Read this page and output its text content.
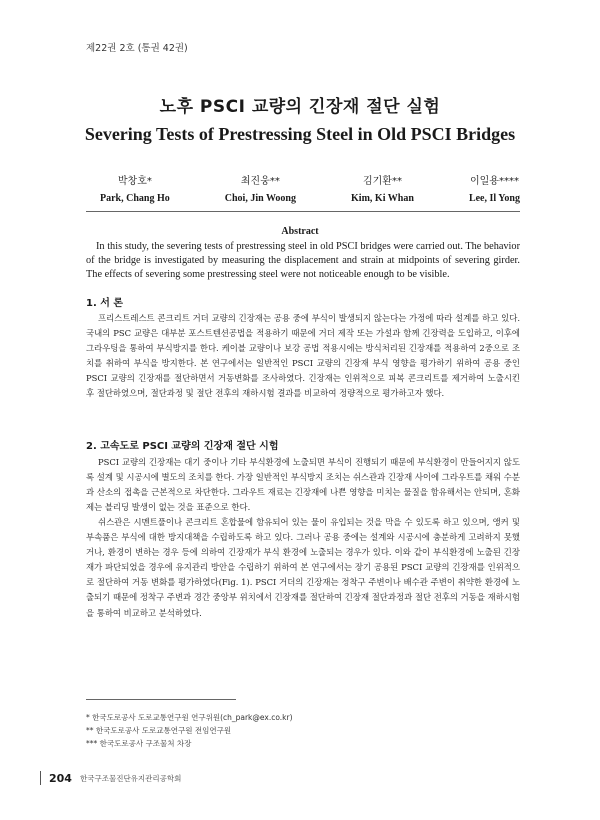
제22권 2호 (통권 42권)
노후 PSCI 교량의 긴장재 절단 실험
Severing Tests of Prestressing Steel in Old PSCI Bridges
박창호*
Park, Chang Ho
최진웅**
Choi, Jin Woong
김기환**
Kim, Ki Whan
이일용****
Lee, Il Yong
Abstract
In this study, the severing tests of prestressing steel in old PSCI bridges were carried out. The behavior of the bridge is investigated by measuring the displacement and strain at midpoints of severing girder. The effects of severing some prestressing steel were not noticeable enough to be visible.
1. 서 론
프리스트레스트 콘크리트 거더 교량의 긴장재는 공용 중에 부식이 발생되지 않는다는 가정에 따라 설계를 하고 있다. 국내의 PSC 교량은 대부분 포스트텐션공법을 적용하기 때문에 거더 제작 또는 가설과 함께 긴장력을 도입하고, 이후에 그라우팅을 통하여 부식방지를 한다. 케이블 교량이나 보강 공법 적용시에는 방식처리된 긴장재를 적용하여 2중으로 조치를 취하여 부식을 방지한다. 본 연구에서는 일반적인 PSCI 교량의 긴장재 부식 영향을 평가하기 위하여 공용 중인 PSCI 교량의 긴장재를 절단하면서 거동변화를 조사하였다. 긴장재는 인위적으로 피복 콘크리트를 제거하여 노출시킨 후 절단하였으며, 절단과정 및 절단 전후의 재하시험 결과를 비교하여 정량적으로 평가하고자 했다.
2. 고속도로 PSCI 교량의 긴장재 절단 시험
PSCI 교량의 긴장재는 대기 중이나 기타 부식환경에 노출되면 부식이 진행되기 때문에 부식환경이 만들어지지 않도록 설계 및 시공시에 별도의 조치를 한다. 가장 일반적인 부식방지 조치는 쉬스관과 긴장재 사이에 그라우트를 채워 수분과 산소의 접촉을 근본적으로 차단한다. 그라우트 재료는 긴장재에 나쁜 영향을 미치는 물질을 함유해서는 안되며, 혼화제는 블리딩 발생이 없는 것을 표준으로 한다.
쉬스관은 시멘트풀이나 콘크리트 혼합물에 함유되어 있는 물이 유입되는 것을 막을 수 있도록 하고 있으며, 앵커 및 부속품은 부식에 대한 방지대책을 수립하도록 하고 있다. 그러나 공용 중에는 설계와 시공시에 충분하게 고려하지 못했거나, 환경이 변하는 경우 등에 의하여 긴장재가 부식 환경에 노출되는 경우가 있다. 이와 같이 부식환경에 노출된 긴장재가 파단되었을 경우에 유지관리 방안을 수립하기 위하여 본 연구에서는 장기 공용된 PSCI 교량의 긴장재를 인위적으로 절단하여 거동 변화를 평가하였다(Fig. 1). PSCI 거더의 긴장재는 정착구 주변이나 배수관 주변이 취약한 환경에 노출되기 때문에 정착구 주변과 경간 중앙부 위치에서 긴장재를 절단하여 긴장재 절단과정과 절단 전후의 거동을 재하시험을 통하여 비교하고 분석하였다.
* 한국도로공사 도로교통연구원 연구위원(ch_park@ex.co.kr)
** 한국도로공사 도로교통연구원 전임연구원
*** 한국도로공사 구조물처 차장
204 한국구조물진단유지관리공학회
